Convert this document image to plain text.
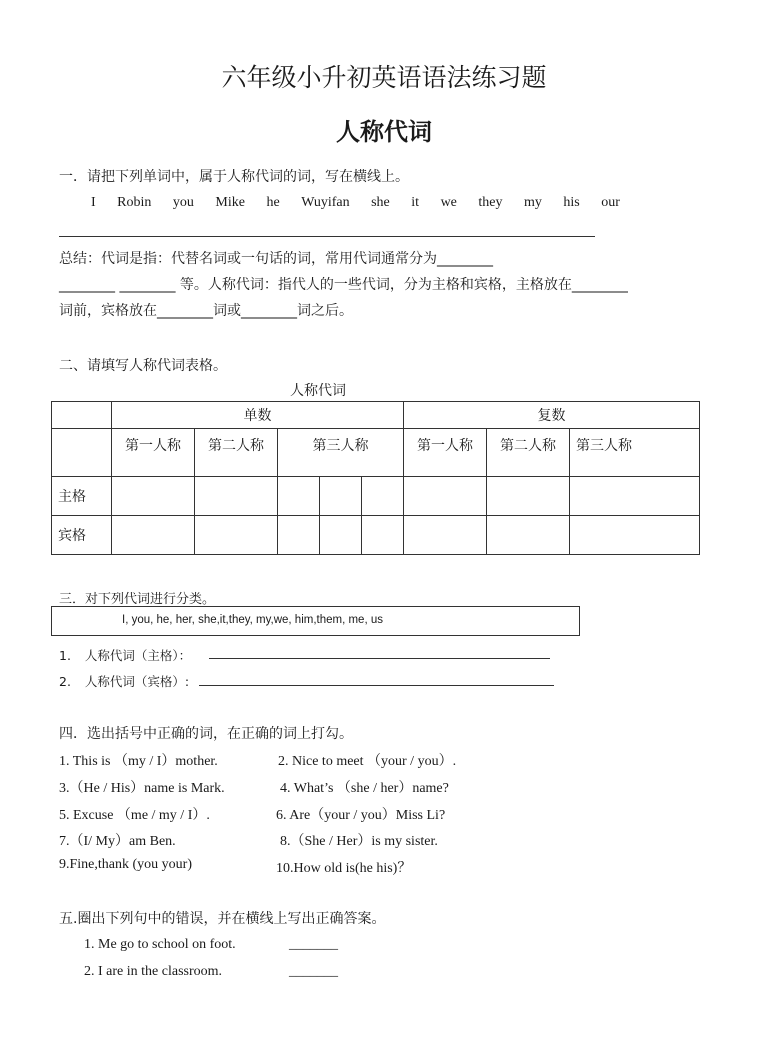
六年级小升初英语语法练习题
人称代词
一．请把下列单词中，属于人称代词的词，写在横线上。
I Robin you Mike he Wuyifan she it we they my his our
总结：代词是指：代替名词或一句话的词，常用代词通常分为________
________ ________ 等。人称代词：指代人的一些代词，分为主格和宾格，主格放在________
词前，宾格放在________词或________词之后。
二、请填写人称代词表格。
人称代词
	单数			复数		
	第一人称	第二人称	第三人称	第一人称	第二人称	第三人称
主格			

宾格			

三．对下列代词进行分类。
I, you, he, her, she,it,they, my,we, him,them, me, us
1. 人称代词（主格）：
2. 人称代词（宾格）:
四．选出括号中正确的词，在正确的词上打勾。
1. This is （my / I）mother.	2. Nice to meet （your / you）.
3.（He / His）name is Mark.	4. What’s （she / her）name?
5. Excuse （me / my / I）.	6. Are（your / you）Miss Li?
7.（I/ My）am Ben.	8.（She / Her）is my sister.
9.Fine,thank (you your)	10.How old is(he his)？
五.圈出下列句中的错误，并在横线上写出正确答案。
1. Me go to school on foot.	_______
2. I are in the classroom.	_______
